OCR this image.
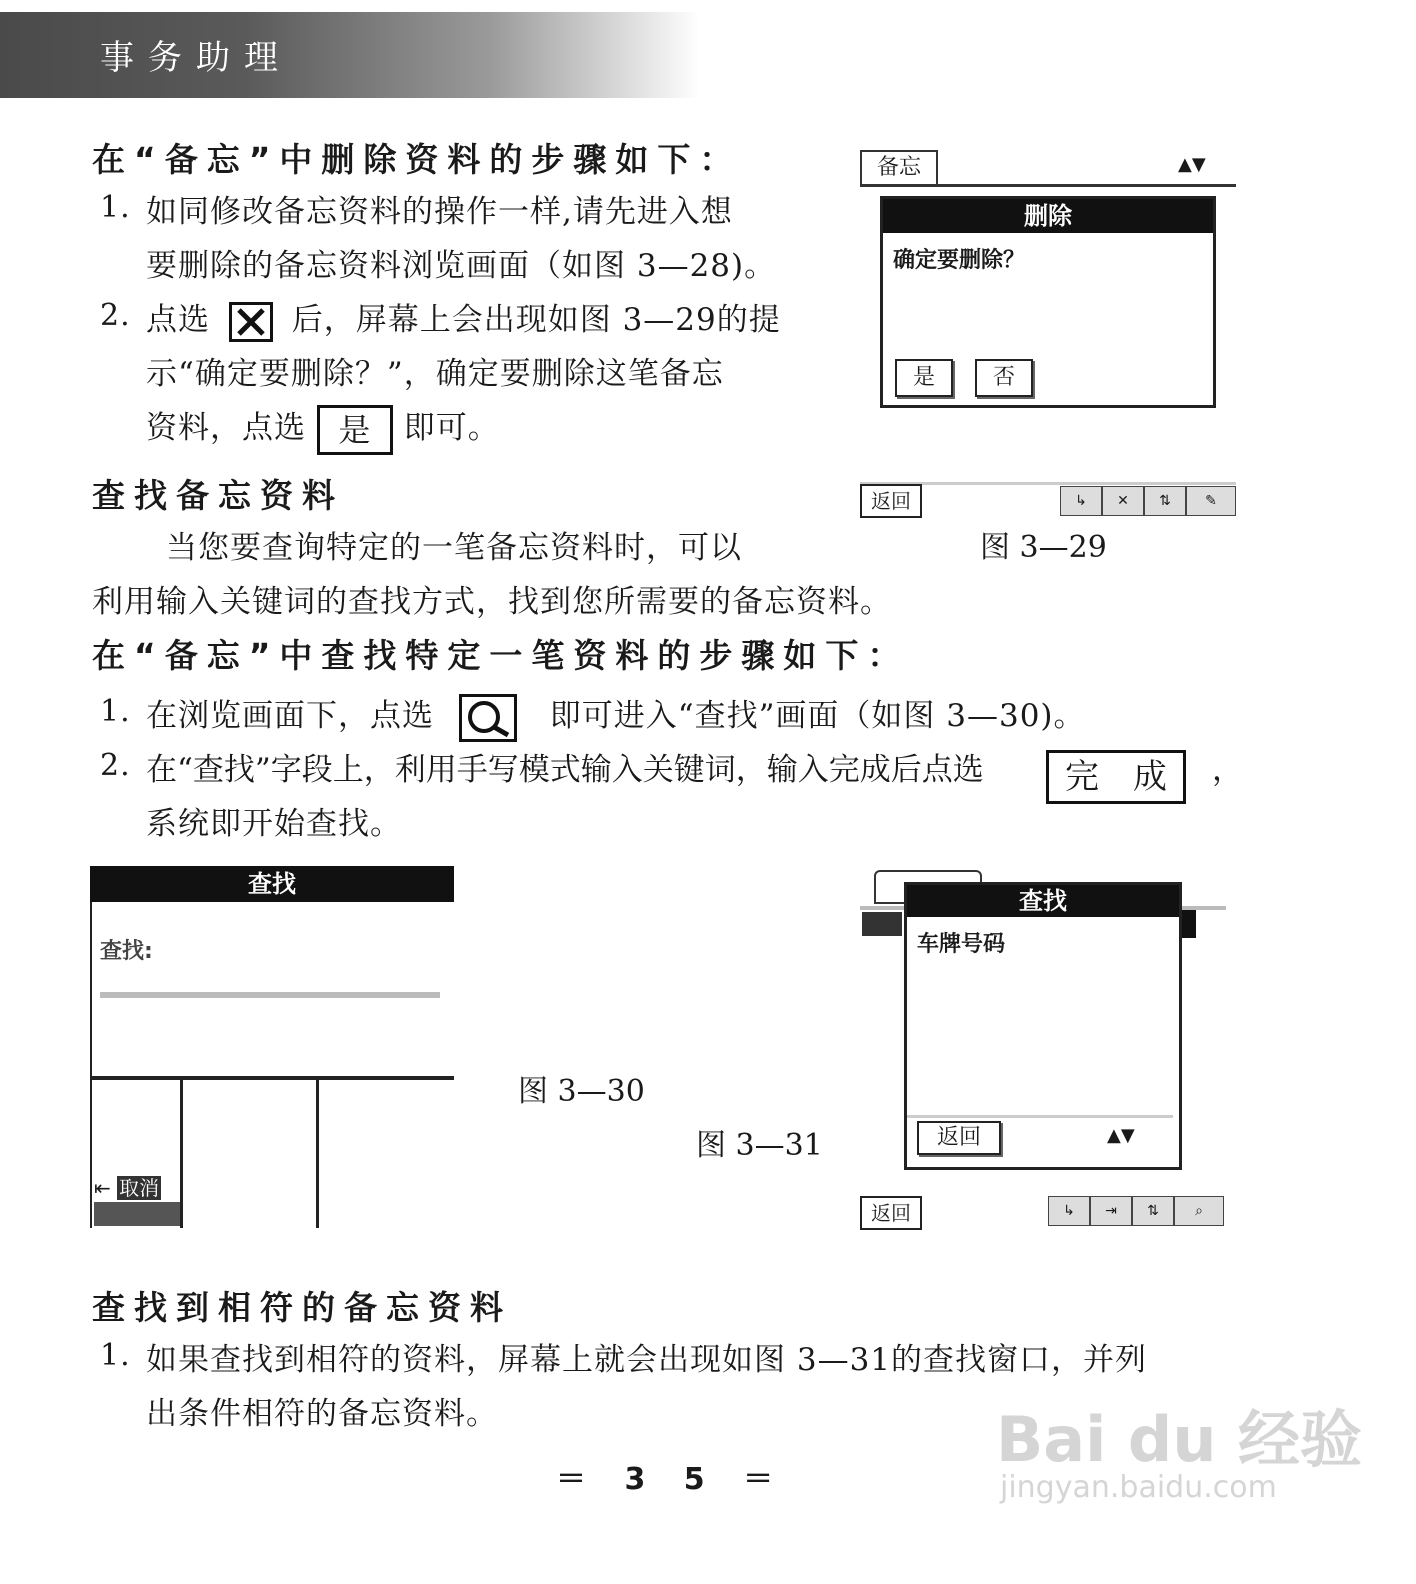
事务助理
在“备忘”中删除资料的步骤如下：
1. 如同修改备忘资料的操作一样,请先进入想
要删除的备忘资料浏览画面（如图 3—28)。
2. 点选	后，屏幕上会出现如图 3—29的提
示“确定要删除？”，确定要删除这笔备忘
资料，点选 是 即可。
备忘	▲▼
删除
确定要删除？
是	否
返回	↳	✕	⇅	✎
图 3—29
查找备忘资料
当您要查询特定的一笔备忘资料时，可以
利用输入关键词的查找方式，找到您所需要的备忘资料。
在“备忘”中查找特定一笔资料的步骤如下：
1. 在浏览画面下，点选	即可进入“查找”画面（如图 3—30)。
2. 在“查找”字段上，利用手写模式输入关键词，输入完成后点选	完　成	，
系统即开始查找。
查找
查找:
⇤ 取消
图 3—30
图 3—31
查找
车牌号码
返回	▲▼
返回	↳	⇥	⇅	⌕
查找到相符的备忘资料
1. 如果查找到相符的资料，屏幕上就会出现如图 3—31的查找窗口，并列
出条件相符的备忘资料。
＝ 3 5 ＝
Bai du 经验
jingyan.baidu.com
